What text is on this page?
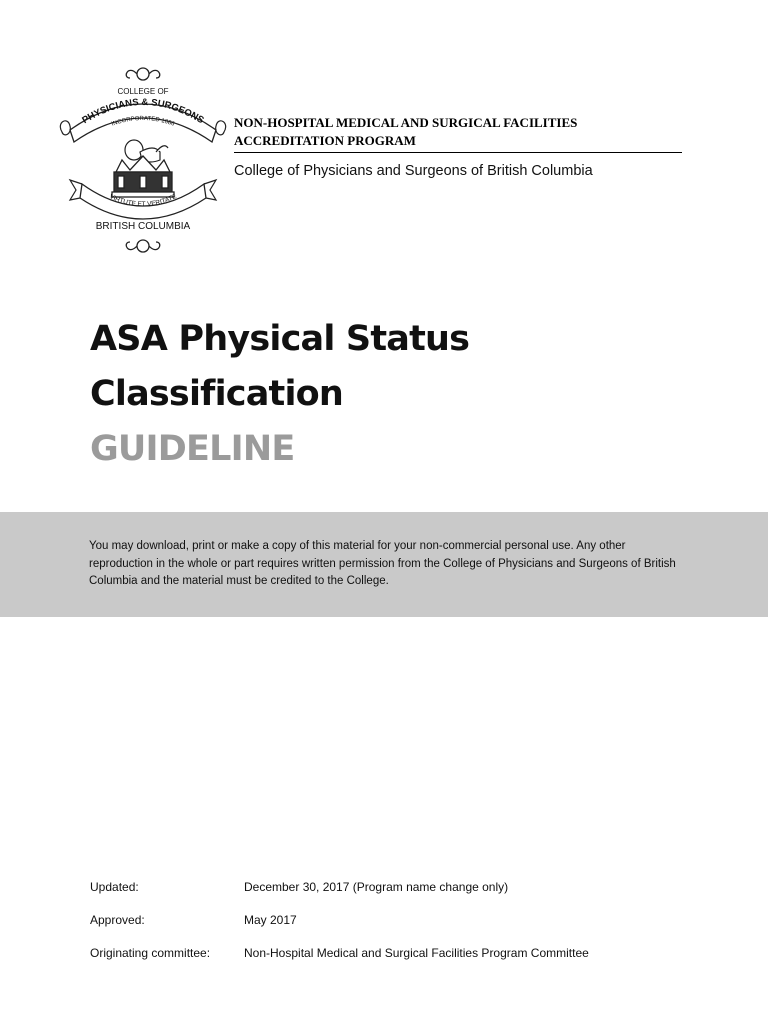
COLLEGE OF
PHYSICIANS & SURGEONS
INCORPORATED 1886
VIRTUTE ET VERITATE
BRITISH COLUMBIA
NON-HOSPITAL MEDICAL AND SURGICAL FACILITIES
ACCREDITATION PROGRAM
College of Physicians and Surgeons of British Columbia
ASA Physical Status
Classification
GUIDELINE
You may download, print or make a copy of this material for your non-commercial personal use. Any other reproduction in the whole or part requires written permission from the College of Physicians and Surgeons of British Columbia and the material must be credited to the College.
Updated:	December 30, 2017 (Program name change only)
Approved:	May 2017
Originating committee:	Non-Hospital Medical and Surgical Facilities Program Committee
